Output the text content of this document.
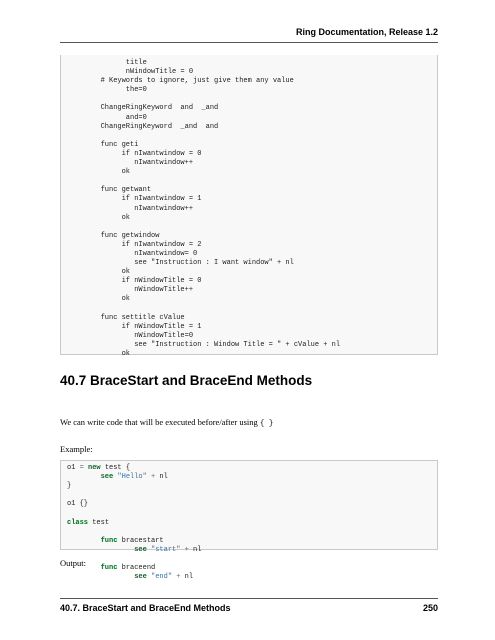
Ring Documentation, Release 1.2
title
nWindowTitle = 0
# Keywords to ignore, just give them any value
the=0
ChangeRingKeyword  and  _and
and=0
ChangeRingKeyword  _and  and
func geti
if nIwantwindow = 0
nIwantwindow++
ok
func getwant
if nIwantwindow = 1
nIwantwindow++
ok
func getwindow
if nIwantwindow = 2
nIwantwindow= 0
see "Instruction : I want window" + nl
ok
if nWindowTitle = 0
nWindowTitle++
ok
func settitle cValue
if nWindowTitle = 1
nWindowTitle=0
see "Instruction : Window Title = " + cValue + nl
ok
40.7 BraceStart and BraceEnd Methods
We can write code that will be executed before/after using { }
Example:
o1 = new test {
see "Hello" + nl
}
o1 {}
class test
func bracestart
see "start" + nl
func braceend
see "end" + nl
Output:
40.7. BraceStart and BraceEnd Methods	250
